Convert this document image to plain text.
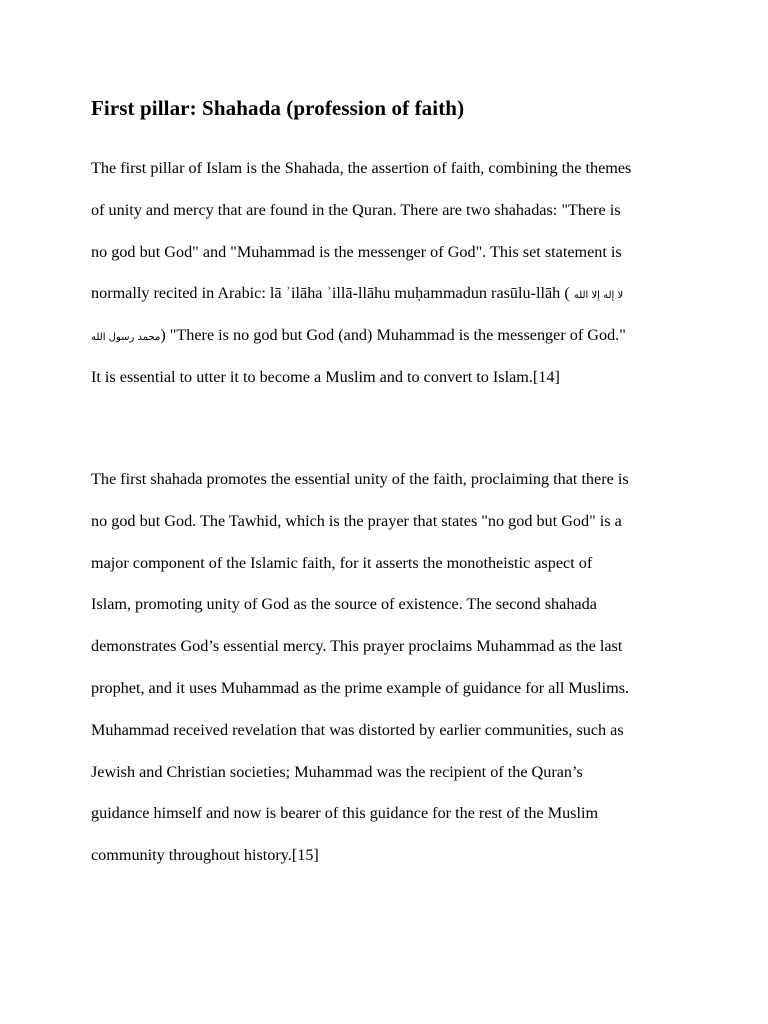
First pillar: Shahada (profession of faith)
The first pillar of Islam is the Shahada, the assertion of faith, combining the themes
of unity and mercy that are found in the Quran. There are two shahadas: "There is
no god but God" and "Muhammad is the messenger of God". This set statement is
normally recited in Arabic: lā ʾilāha ʾillā-llāhu muḥammadun rasūlu-llāh ( لا إله إلا الله
محمد رسول الله) "There is no god but God (and) Muhammad is the messenger of God."
It is essential to utter it to become a Muslim and to convert to Islam.[14]
The first shahada promotes the essential unity of the faith, proclaiming that there is
no god but God. The Tawhid, which is the prayer that states "no god but God" is a
major component of the Islamic faith, for it asserts the monotheistic aspect of
Islam, promoting unity of God as the source of existence. The second shahada
demonstrates God’s essential mercy. This prayer proclaims Muhammad as the last
prophet, and it uses Muhammad as the prime example of guidance for all Muslims.
Muhammad received revelation that was distorted by earlier communities, such as
Jewish and Christian societies; Muhammad was the recipient of the Quran’s
guidance himself and now is bearer of this guidance for the rest of the Muslim
community throughout history.[15]
